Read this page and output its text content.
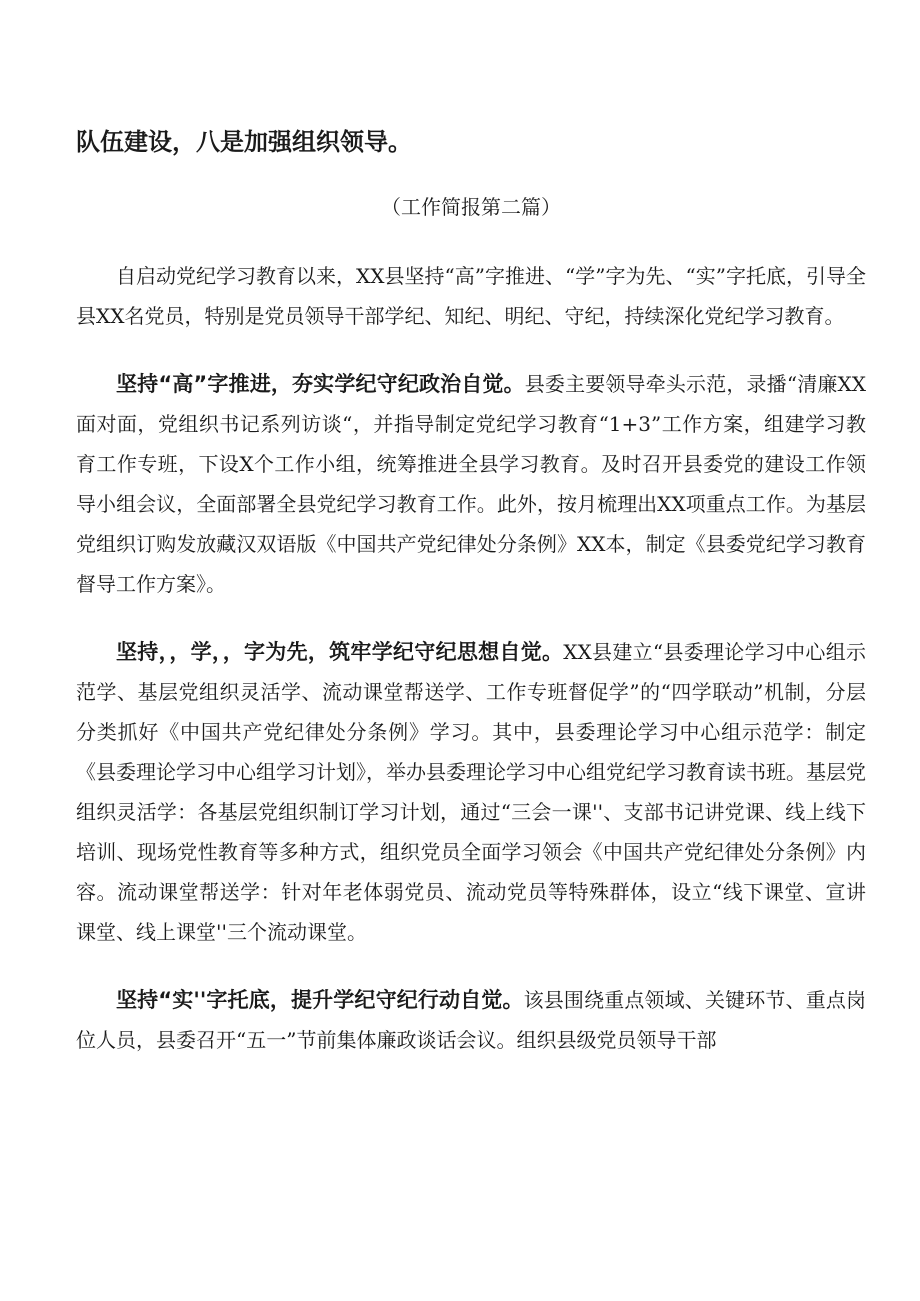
队伍建设，八是加强组织领导。

（工作简报第二篇）

自启动党纪学习教育以来，XX县坚持“高”字推进、“学”字为先、“实”字托底，引导全县XX名党员，特别是党员领导干部学纪、知纪、明纪、守纪，持续深化党纪学习教育。

坚持“高”字推进，夯实学纪守纪政治自觉。县委主要领导牵头示范，录播“清廉XX面对面，党组织书记系列访谈“，并指导制定党纪学习教育“1+3”工作方案，组建学习教育工作专班，下设X个工作小组，统筹推进全县学习教育。及时召开县委党的建设工作领导小组会议，全面部署全县党纪学习教育工作。此外，按月梳理出XX项重点工作。为基层党组织订购发放藏汉双语版《中国共产党纪律处分条例》XX本，制定《县委党纪学习教育督导工作方案》。

坚持，，学，，字为先，筑牢学纪守纪思想自觉。XX县建立“县委理论学习中心组示范学、基层党组织灵活学、流动课堂帮送学、工作专班督促学”的“四学联动”机制，分层分类抓好《中国共产党纪律处分条例》学习。其中，县委理论学习中心组示范学：制定《县委理论学习中心组学习计划》，举办县委理论学习中心组党纪学习教育读书班。基层党组织灵活学：各基层党组织制订学习计划，通过“三会一课''、支部书记讲党课、线上线下培训、现场党性教育等多种方式，组织党员全面学习领会《中国共产党纪律处分条例》内容。流动课堂帮送学：针对年老体弱党员、流动党员等特殊群体，设立“线下课堂、宣讲课堂、线上课堂''三个流动课堂。

坚持“实''字托底，提升学纪守纪行动自觉。该县围绕重点领域、关键环节、重点岗位人员，县委召开“五一”节前集体廉政谈话会议。组织县级党员领导干部
